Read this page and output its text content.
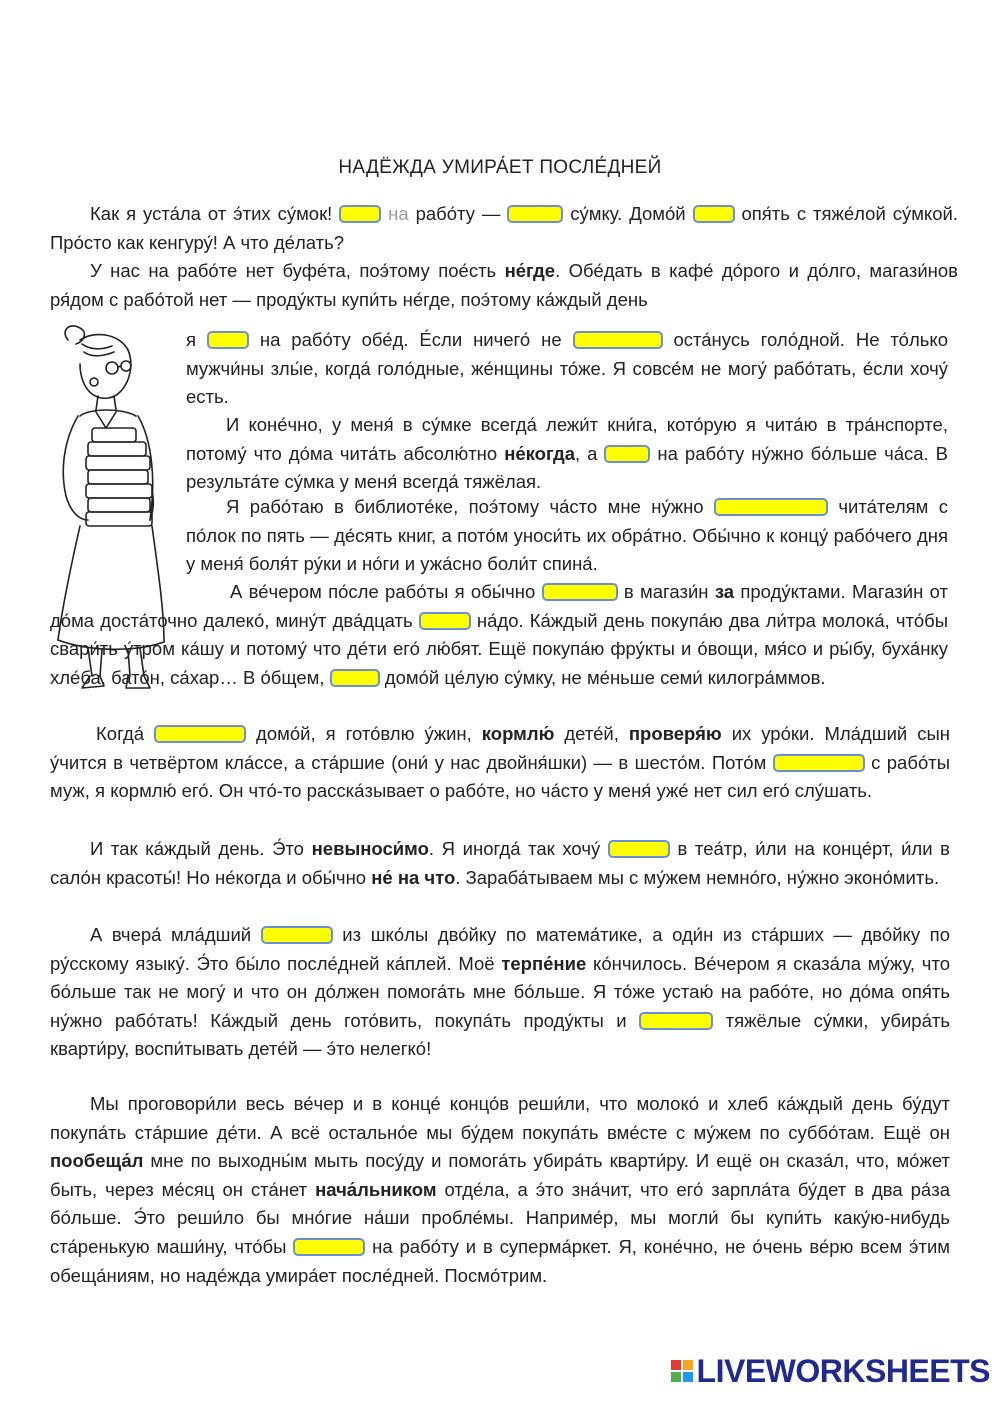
НАДЁЖДА УМИРА́ЕТ ПОСЛЕ́ДНЕЙ

Как я уста́ла от э́тих су́мок!  на рабо́ту —	су́мку. Домо́й  опя́ть с тяже́лой су́мкой. Про́сто как кенгуру́! А что де́лать?

У нас на рабо́те нет буфе́та, поэ́тому пое́сть не́где. Обе́дать в кафе́ до́рого и до́лго, магази́нов ря́дом с рабо́той нет — проду́кты купи́ть не́где, поэ́тому ка́ждый день

я  на рабо́ту обе́д. Е́сли ничего́ не	оста́нусь голо́дной. Не то́лько мужчи́ны злы́е, когда́ голо́дные, же́нщины то́же. Я совсе́м не могу́ рабо́тать, е́сли хочу́ есть.

И коне́чно, у меня́ в су́мке всегда́ лежи́т кни́га, кото́рую я чита́ю в тра́нспорте, потому́ что до́ма чита́ть абсолю́тно не́когда, а  на рабо́ту ну́жно бо́льше ча́са. В результа́те су́мка у меня́ всегда́ тяжёлая.

Я рабо́таю в библиоте́ке, поэ́тому ча́сто мне ну́жно	чита́телям с по́лок по пять — де́сять книг, а пото́м уноси́ть их обра́тно. Обы́чно к концу́ рабо́чего дня у меня́ боля́т ру́ки и но́ги и ужа́сно боли́т спина́.

А ве́чером по́сле рабо́ты я обы́чно	в магази́н за проду́ктами. Магази́н от до́ма доста́точно далеко́, мину́т два́дцать	на́до. Ка́ждый день покупа́ю два ли́тра молока́, что́бы свари́ть у́тром ка́шу и потому́ что де́ти его́ лю́бят. Ещё покупа́ю фру́кты и о́вощи, мя́со и ры́бу, буха́нку хле́ба, бато́н, са́хар… В о́бщем,	домо́й це́лую су́мку, не ме́ньше семи́ килогра́ммов.

Когда́	домо́й, я гото́влю у́жин, кормлю́ дете́й, проверя́ю их уро́ки. Мла́дший сын у́чится в четвёртом кла́ссе, а ста́ршие (они́ у нас двойня́шки) — в шесто́м. Пото́м	с рабо́ты муж, я кормлю́ его́. Он что́-то расска́зывает о рабо́те, но ча́сто у меня́ уже́ нет сил его́ слу́шать.

И так ка́ждый день. Э́то невыноси́мо. Я иногда́ так хочу́	в теа́тр, и́ли на конце́рт, и́ли в сало́н красоты́! Но не́когда и обы́чно не́ на что. Зараба́тываем мы с му́жем немно́го, ну́жно эконо́мить.

А вчера́ мла́дший	из шко́лы дво́йку по матема́тике, а оди́н из ста́рших — дво́йку по ру́сскому языку́. Э́то бы́ло после́дней ка́плей. Моё терпе́ние ко́нчилось. Ве́чером я сказа́ла му́жу, что бо́льше так не могу́ и что он до́лжен помога́ть мне бо́льше. Я то́же устаю́ на рабо́те, но до́ма опя́ть ну́жно рабо́тать! Ка́ждый день гото́вить, покупа́ть проду́кты и	тяжёлые су́мки, убира́ть кварти́ру, воспи́тывать дете́й — э́то нелегко́!

Мы проговори́ли весь ве́чер и в конце́ концо́в реши́ли, что молоко́ и хлеб ка́ждый день бу́дут покупа́ть ста́ршие де́ти. А всё остально́е мы бу́дем покупа́ть вме́сте с му́жем по суббо́там. Ещё он пообеща́л мне по выходны́м мыть посу́ду и помога́ть убира́ть кварти́ру. И ещё он сказа́л, что, мо́жет быть, через ме́сяц он ста́нет нача́льником отде́ла, а э́то зна́чит, что его́ зарпла́та бу́дет в два ра́за бо́льше. Э́то реши́ло бы мно́гие на́ши пробле́мы. Наприме́р, мы могли́ бы купи́ть каку́ю-нибудь ста́ренькую маши́ну, что́бы	на рабо́ту и в суперма́ркет. Я, коне́чно, не о́чень ве́рю всем э́тим обеща́ниям, но наде́жда умира́ет после́дней. Посмо́трим.

LIVEWORKSHEETS
